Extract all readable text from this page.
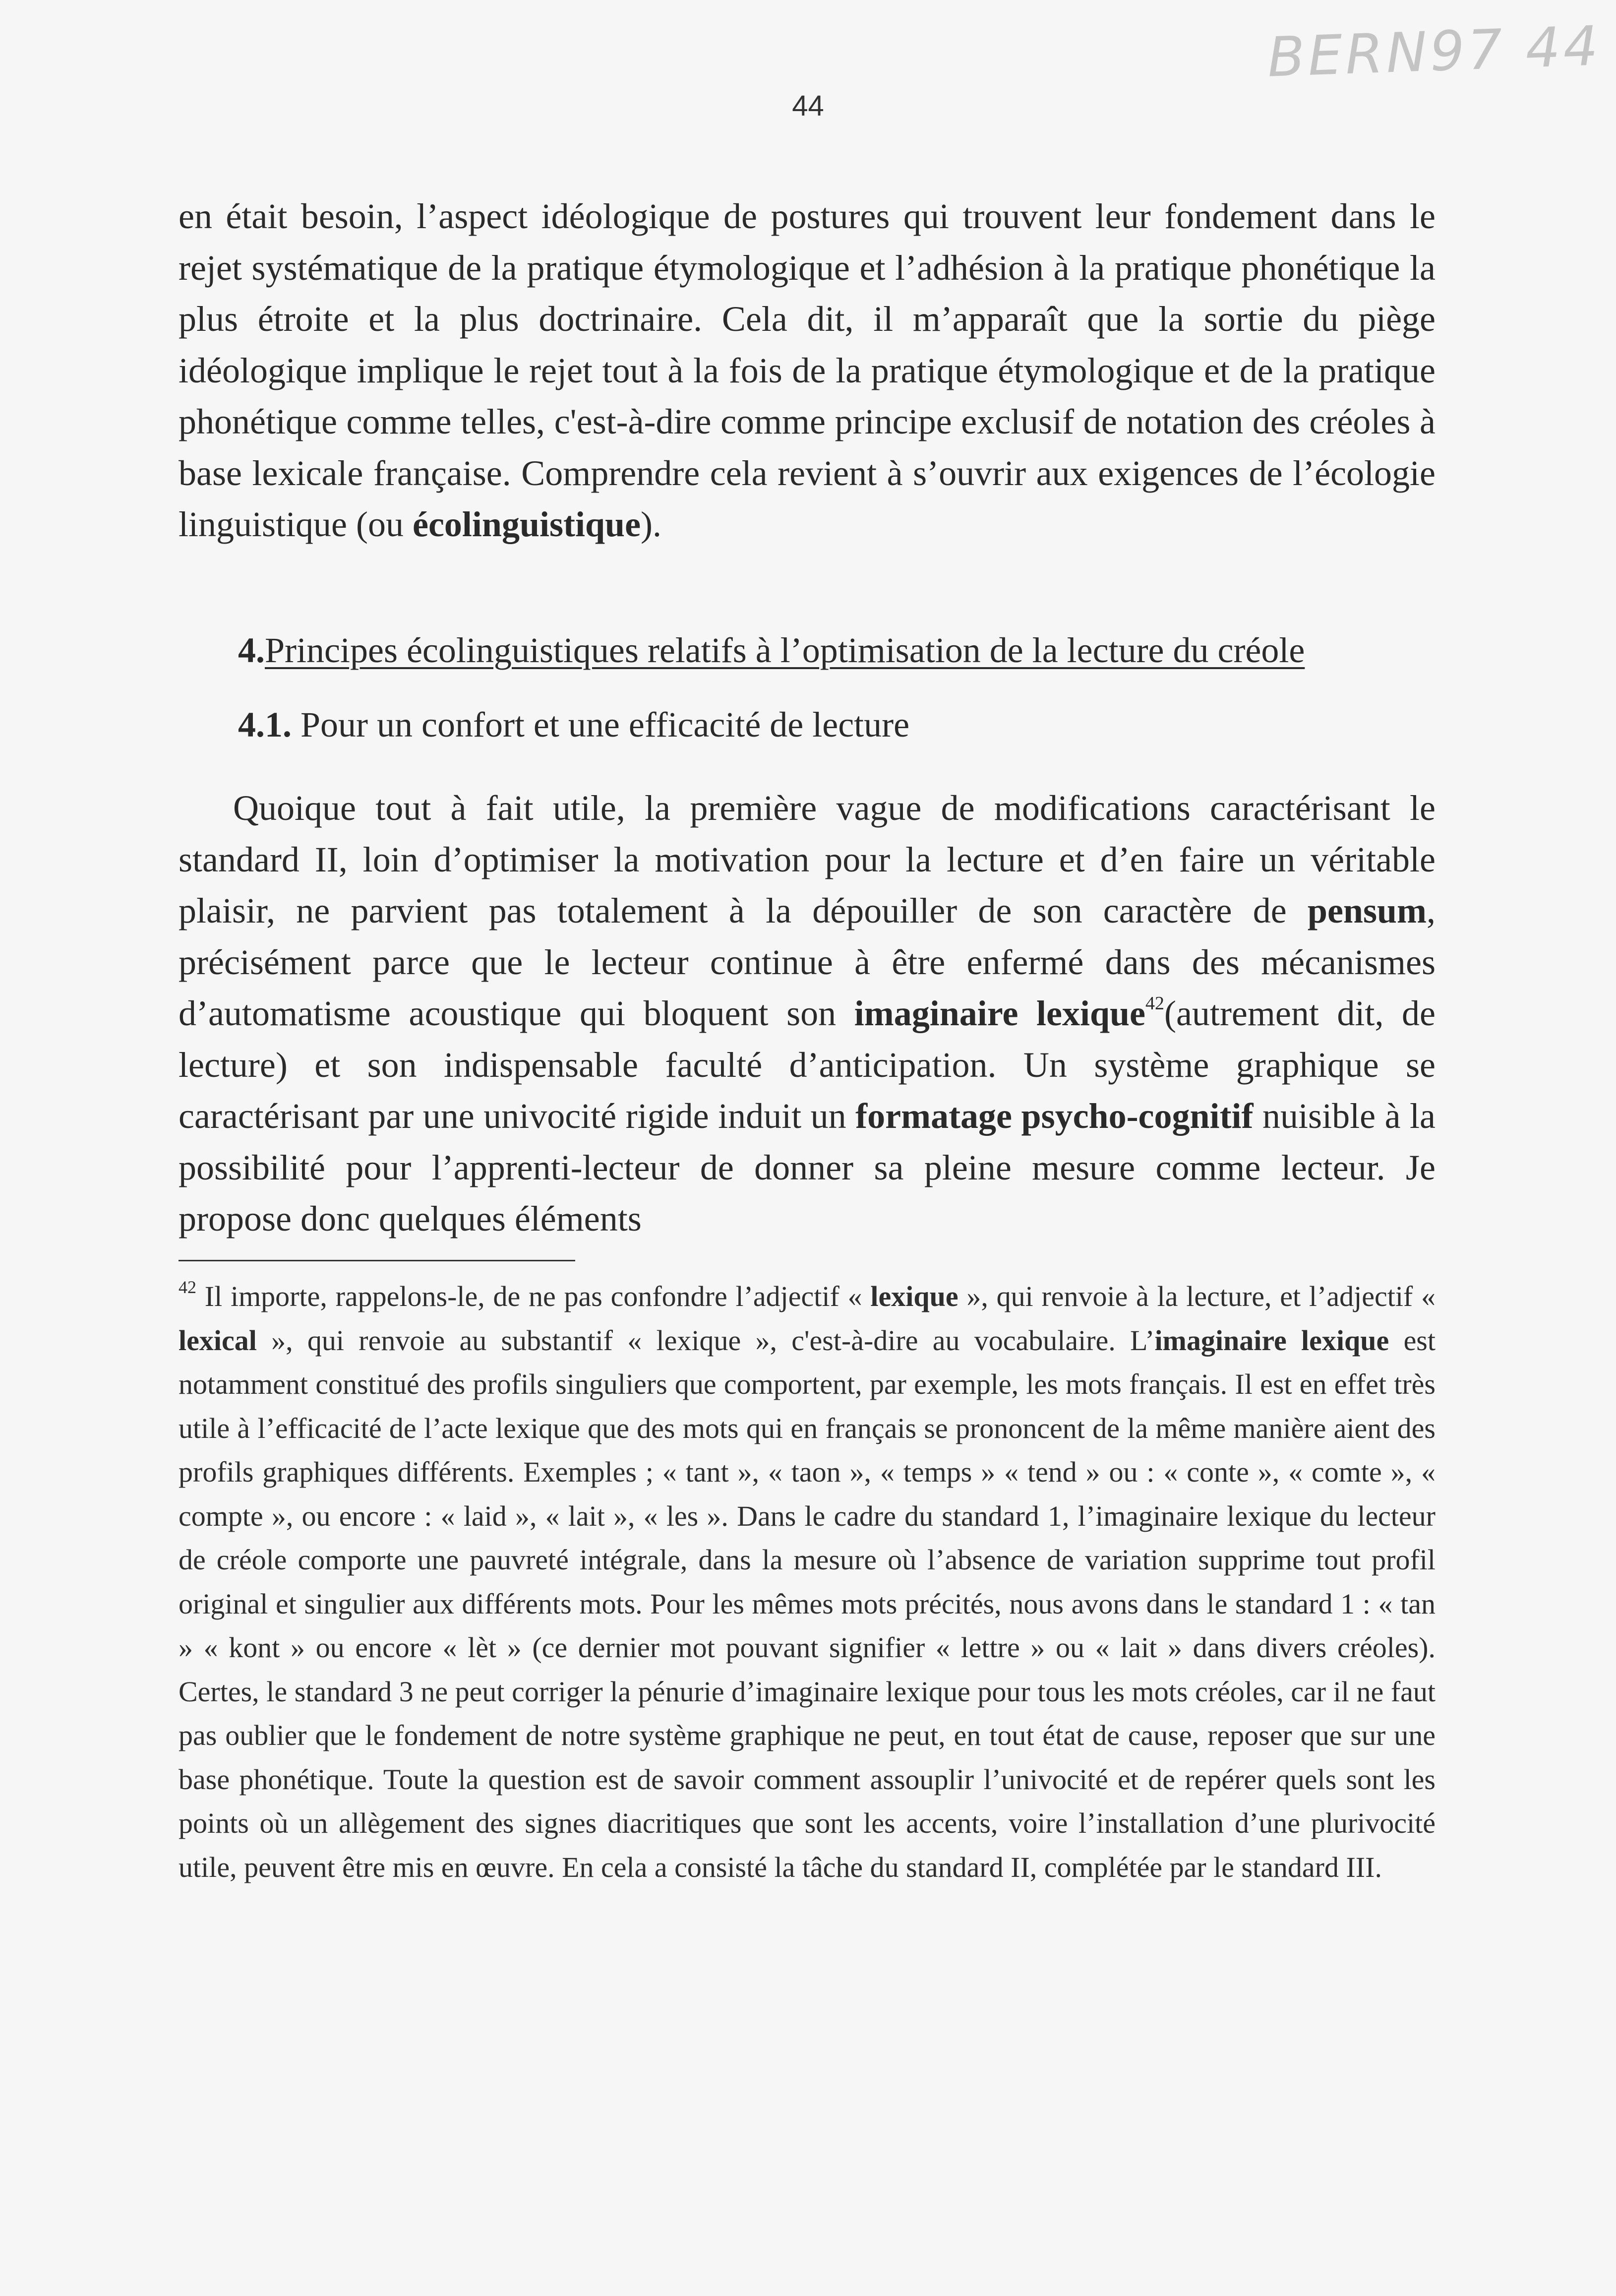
BERN97 44
44

en était besoin, l’aspect idéologique de postures qui trouvent leur fondement dans le rejet systématique de la pratique étymologique et l’adhésion à la pratique phonétique la plus étroite et la plus doctrinaire. Cela dit, il m’apparaît que la sortie du piège idéologique implique le rejet tout à la fois de la pratique étymologique et de la pratique phonétique comme telles, c'est-à-dire comme principe exclusif de notation des créoles à base lexicale française. Comprendre cela revient à s’ouvrir aux exigences de l’écologie linguistique (ou écolinguistique).

4.Principes écolinguistiques relatifs à l’optimisation de la lecture du créole
4.1. Pour un confort et une efficacité de lecture

Quoique tout à fait utile, la première vague de modifications caractérisant le standard II, loin d’optimiser la motivation pour la lecture et d’en faire un véritable plaisir, ne parvient pas totalement à la dépouiller de son caractère de pensum, précisément parce que le lecteur continue à être enfermé dans des mécanismes d’automatisme acoustique qui bloquent son imaginaire lexique$^{42}$(autrement dit, de lecture) et son indispensable faculté d’anticipation. Un système graphique se caractérisant par une univocité rigide induit un formatage psycho-cognitif nuisible à la possibilité pour l’apprenti-lecteur de donner sa pleine mesure comme lecteur. Je propose donc quelques éléments

$^{42}$ Il importe, rappelons-le, de ne pas confondre l’adjectif « lexique », qui renvoie à la lecture, et l’adjectif « lexical », qui renvoie au substantif « lexique », c'est-à-dire au vocabulaire. L’imaginaire lexique est notamment constitué des profils singuliers que comportent, par exemple, les mots français. Il est en effet très utile à l’efficacité de l’acte lexique que des mots qui en français se prononcent de la même manière aient des profils graphiques différents. Exemples ; « tant », « taon », « temps » « tend » ou : « conte », « comte », « compte », ou encore : « laid », « lait », « les ». Dans le cadre du standard 1, l’imaginaire lexique du lecteur de créole comporte une pauvreté intégrale, dans la mesure où l’absence de variation supprime tout profil original et singulier aux différents mots. Pour les mêmes mots précités, nous avons dans le standard 1 : « tan » « kont » ou encore « lèt » (ce dernier mot pouvant signifier « lettre » ou « lait » dans divers créoles). Certes, le standard 3 ne peut corriger la pénurie d’imaginaire lexique pour tous les mots créoles, car il ne faut pas oublier que le fondement de notre système graphique ne peut, en tout état de cause, reposer que sur une base phonétique. Toute la question est de savoir comment assouplir l’univocité et de repérer quels sont les points où un allègement des signes diacritiques que sont les accents, voire l’installation d’une plurivocité utile, peuvent être mis en œuvre. En cela a consisté la tâche du standard II, complétée par le standard III.
